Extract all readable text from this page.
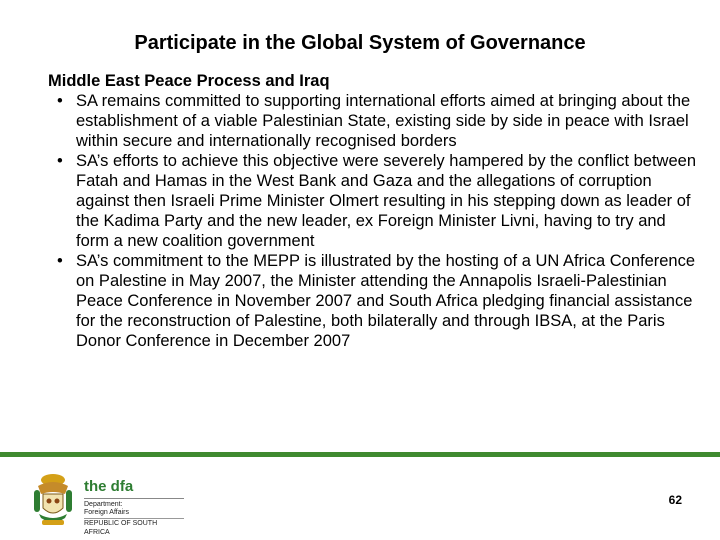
Participate in the Global System of Governance

Middle East Peace Process and Iraq

• SA remains committed to supporting international efforts aimed at bringing about the establishment of a viable Palestinian State, existing side by side in peace with Israel within secure and internationally recognised borders
• SA’s efforts to achieve this objective were severely hampered by the conflict between Fatah and Hamas in the West Bank and Gaza and the allegations of corruption against then Israeli Prime Minister Olmert resulting in his stepping down as leader of the Kadima Party and the new leader, ex Foreign Minister Livni, having to try and form a new coalition government
• SA’s commitment to the MEPP is illustrated by the hosting of a UN Africa Conference on Palestine in May 2007, the Minister attending the Annapolis Israeli-Palestinian Peace Conference in November 2007 and South Africa pledging financial assistance for the reconstruction of Palestine, both bilaterally and through IBSA, at the Paris Donor Conference in December 2007
the dfa
Department:
Foreign Affairs
REPUBLIC OF SOUTH AFRICA
62
